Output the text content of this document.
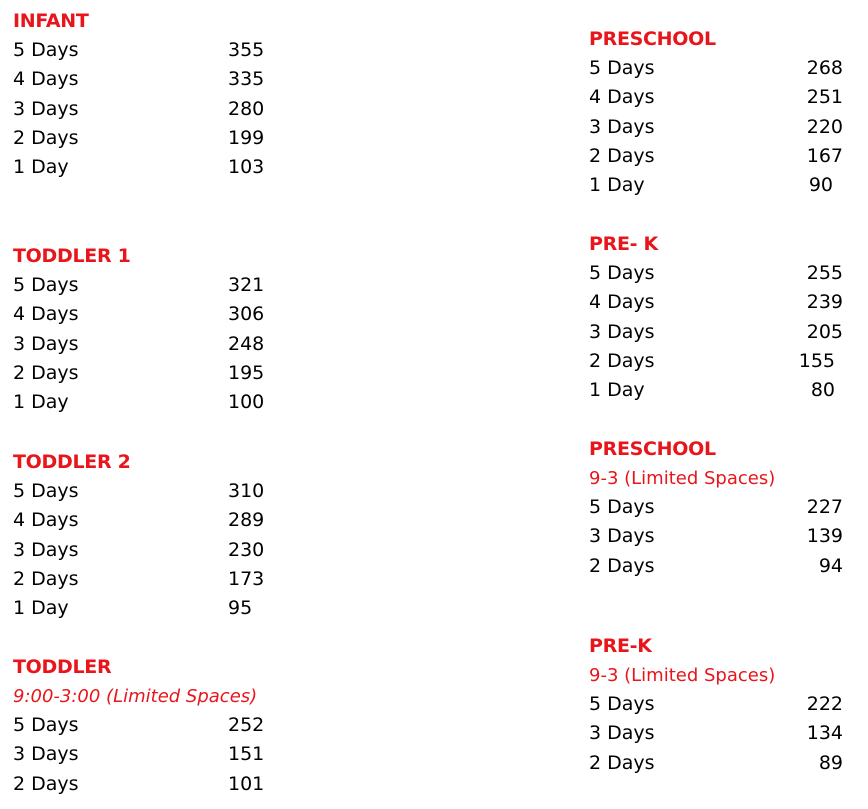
INFANT
5 Days	355
4 Days	335
3 Days	280
2 Days	199
1 Day	103
TODDLER 1
5 Days	321
4 Days	306
3 Days	248
2 Days	195
1 Day	100
TODDLER 2
5 Days	310
4 Days	289
3 Days	230
2 Days	173
1 Day	95
TODDLER
9:00-3:00 (Limited Spaces)
5 Days	252
3 Days	151
2 Days	101
PRESCHOOL
5 Days	268
4 Days	251
3 Days	220
2 Days	167
1 Day	90
PRE- K
5 Days	255
4 Days	239
3 Days	205
2 Days	155
1 Day	80
PRESCHOOL
9-3 (Limited Spaces)
5 Days	227
3 Days	139
2 Days	94
PRE-K
9-3 (Limited Spaces)
5 Days	222
3 Days	134
2 Days	89
